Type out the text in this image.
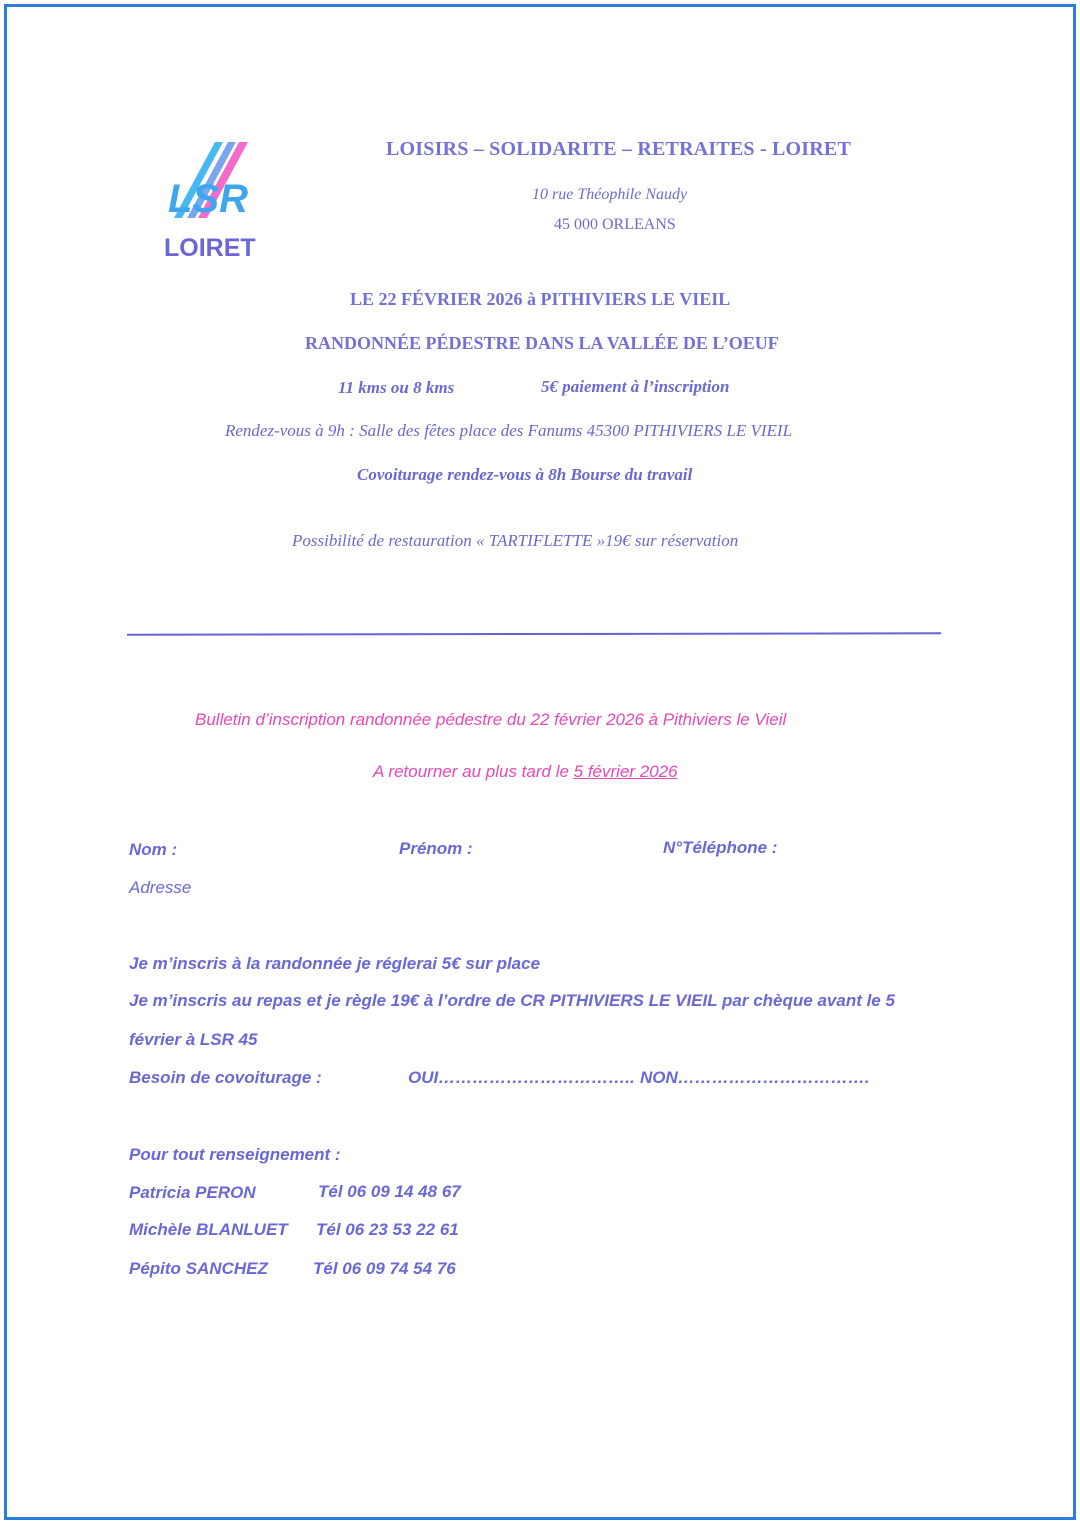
LSR
LOIRET
LOISIRS – SOLIDARITE – RETRAITES - LOIRET
10 rue Théophile Naudy
45 000 ORLEANS
LE 22 FÉVRIER 2026 à PITHIVIERS LE VIEIL
RANDONNÉE PÉDESTRE DANS LA VALLÉE DE L’OEUF
11 kms ou 8 kms	5€ paiement à l’inscription
Rendez-vous à 9h : Salle des fêtes place des Fanums 45300 PITHIVIERS LE VIEIL
Covoiturage rendez-vous à 8h Bourse du travail
Possibilité de restauration « TARTIFLETTE »19€ sur réservation
Bulletin d’inscription randonnée pédestre du 22 février 2026 à Pithiviers le Vieil
A retourner au plus tard le 5 février 2026
Nom :	Prénom :	N°Téléphone :
Adresse
Je m’inscris à la randonnée je réglerai 5€ sur place
Je m’inscris au repas et je règle 19€ à l’ordre de CR PITHIVIERS LE VIEIL par chèque avant le 5
février à LSR 45
Besoin de covoiturage :	OUI…………………………….. NON…………………………….
Pour tout renseignement :
Patricia PERON	Tél 06 09 14 48 67
Michèle BLANLUET Tél 06 23 53 22 61
Pépito SANCHEZ	Tél 06 09 74 54 76
